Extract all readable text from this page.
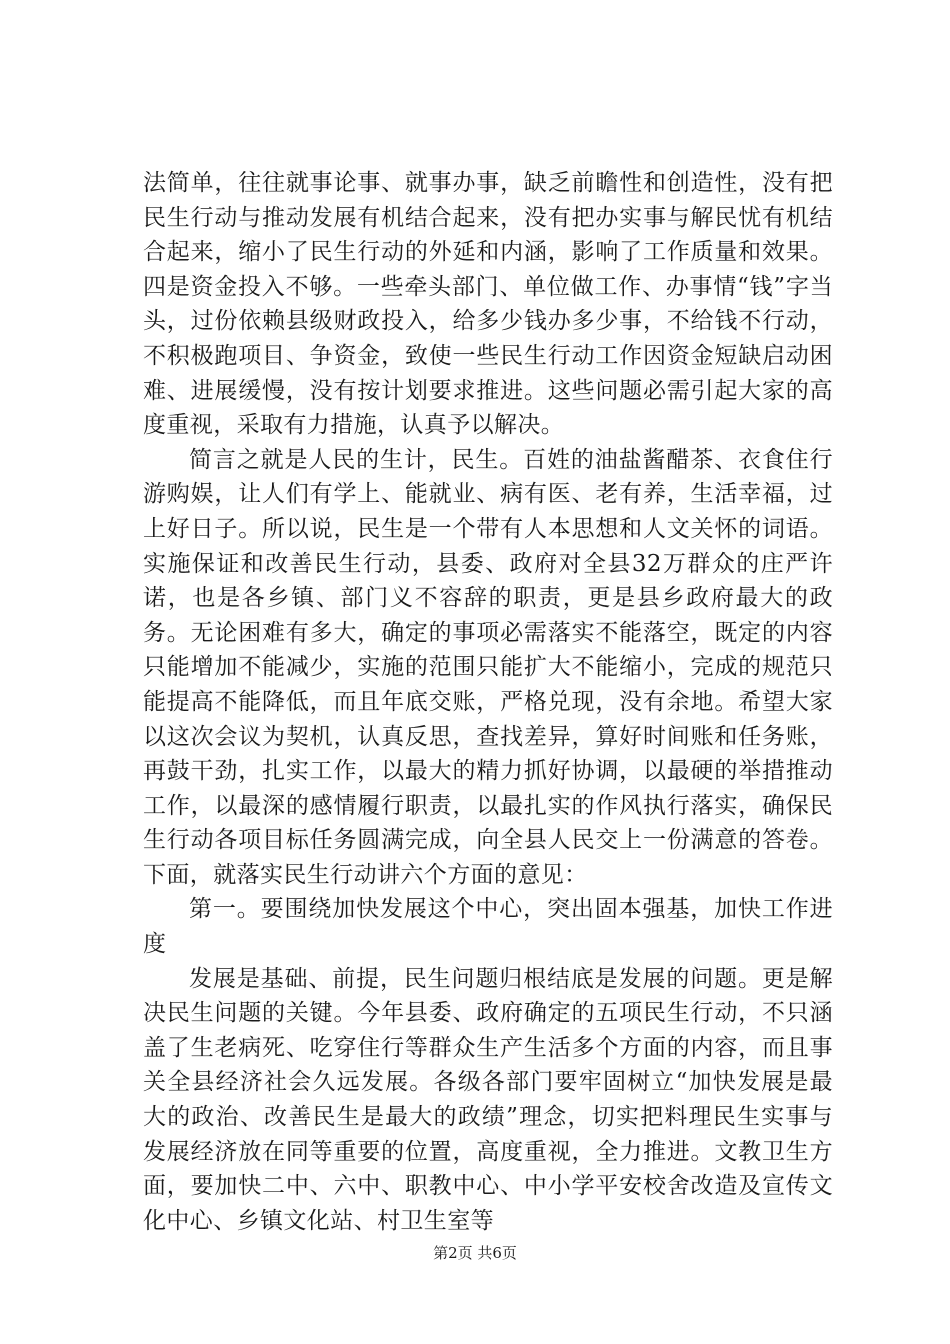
法简单，往往就事论事、就事办事，缺乏前瞻性和创造性，没有把民生行动与推动发展有机结合起来，没有把办实事与解民忧有机结合起来，缩小了民生行动的外延和内涵，影响了工作质量和效果。四是资金投入不够。一些牵头部门、单位做工作、办事情“钱”字当头，过份依赖县级财政投入，给多少钱办多少事，不给钱不行动，不积极跑项目、争资金，致使一些民生行动工作因资金短缺启动困难、进展缓慢，没有按计划要求推进。这些问题必需引起大家的高度重视，采取有力措施，认真予以解决。

简言之就是人民的生计，民生。百姓的油盐酱醋茶、衣食住行游购娱，让人们有学上、能就业、病有医、老有养，生活幸福，过上好日子。所以说，民生是一个带有人本思想和人文关怀的词语。实施保证和改善民生行动，县委、政府对全县32万群众的庄严许诺，也是各乡镇、部门义不容辞的职责，更是县乡政府最大的政务。无论困难有多大，确定的事项必需落实不能落空，既定的内容只能增加不能减少，实施的范围只能扩大不能缩小，完成的规范只能提高不能降低，而且年底交账，严格兑现，没有余地。希望大家以这次会议为契机，认真反思，查找差异，算好时间账和任务账，再鼓干劲，扎实工作，以最大的精力抓好协调，以最硬的举措推动工作，以最深的感情履行职责，以最扎实的作风执行落实，确保民生行动各项目标任务圆满完成，向全县人民交上一份满意的答卷。下面，就落实民生行动讲六个方面的意见：

第一。要围绕加快发展这个中心，突出固本强基，加快工作进度

发展是基础、前提，民生问题归根结底是发展的问题。更是解决民生问题的关键。今年县委、政府确定的五项民生行动，不只涵盖了生老病死、吃穿住行等群众生产生活多个方面的内容，而且事关全县经济社会久远发展。各级各部门要牢固树立“加快发展是最大的政治、改善民生是最大的政绩”理念，切实把料理民生实事与发展经济放在同等重要的位置，高度重视，全力推进。文教卫生方面，要加快二中、六中、职教中心、中小学平安校舍改造及宣传文化中心、乡镇文化站、村卫生室等

第2页 共6页
